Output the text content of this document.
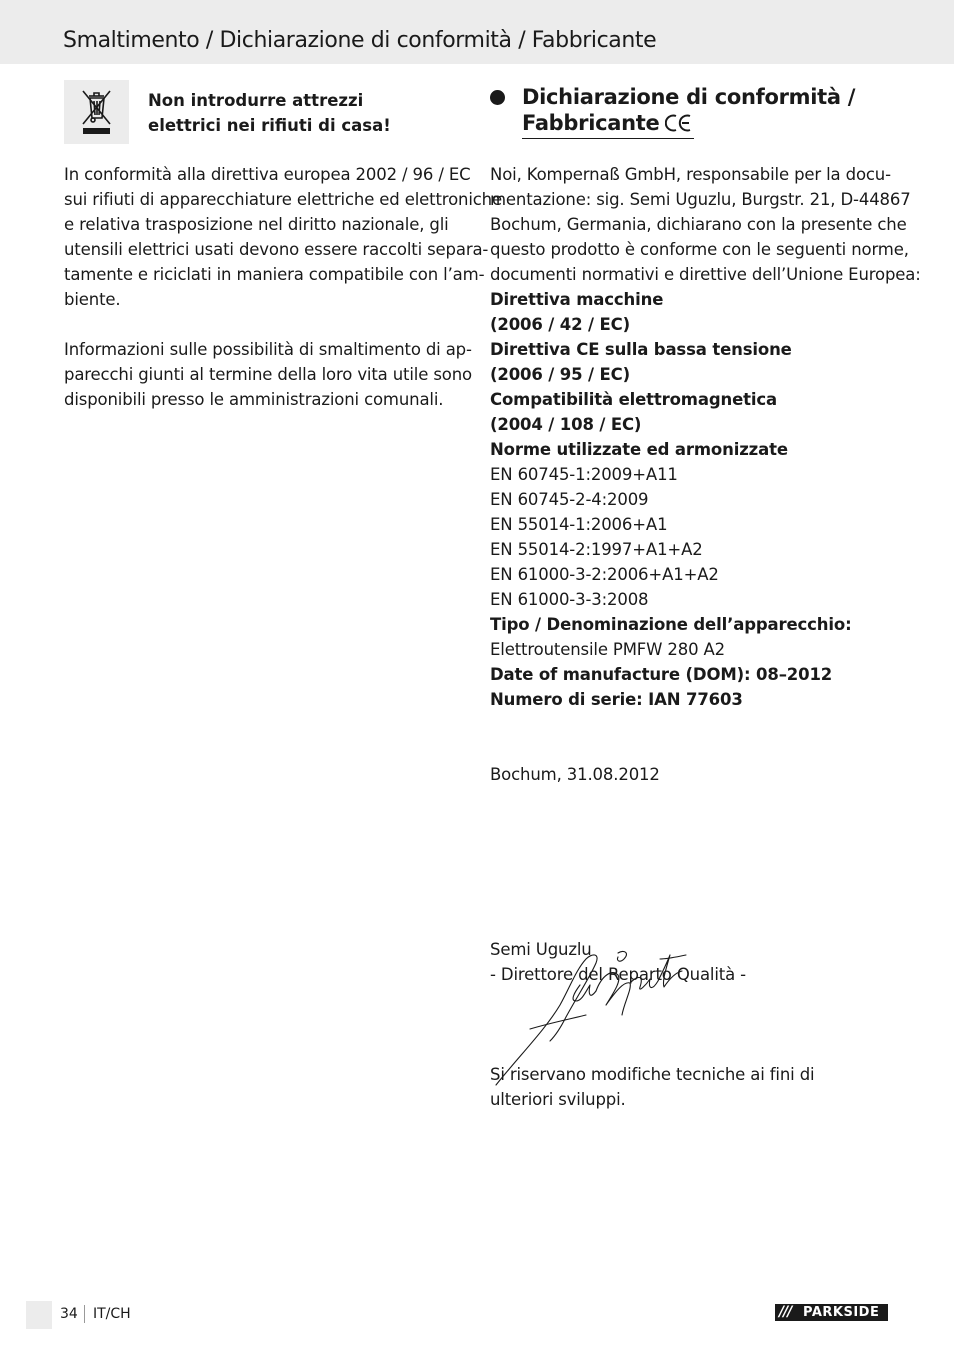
Smaltimento / Dichiarazione di conformità / Fabbricante

Non introdurre attrezzi
elettrici nei rifiuti di casa!

In conformità alla direttiva europea 2002 / 96 / EC
sui rifiuti di apparecchiature elettriche ed elettroniche
e relativa trasposizione nel diritto nazionale, gli
utensili elettrici usati devono essere raccolti separa-
tamente e riciclati in maniera compatibile con l’am-
biente.

Informazioni sulle possibilità di smaltimento di ap-
parecchi giunti al termine della loro vita utile sono
disponibili presso le amministrazioni comunali.

Dichiarazione di conformità /
Fabbricante

Noi, Kompernaß GmbH, responsabile per la docu-
mentazione: sig. Semi Uguzlu, Burgstr. 21, D-44867
Bochum, Germania, dichiarano con la presente che
questo prodotto è conforme con le seguenti norme,
documenti normativi e direttive dell’Unione Europea:

Direttiva macchine
(2006 / 42 / EC)

Direttiva CE sulla bassa tensione
(2006 / 95 / EC)

Compatibilità elettromagnetica
(2004 / 108 / EC)

Norme utilizzate ed armonizzate
EN 60745-1:2009+A11
EN 60745-2-4:2009
EN 55014-1:2006+A1
EN 55014-2:1997+A1+A2
EN 61000-3-2:2006+A1+A2
EN 61000-3-3:2008

Tipo / Denominazione dell’apparecchio:
Elettroutensile PMFW 280 A2

Date of manufacture (DOM): 08–2012
Numero di serie: IAN 77603

Bochum, 31.08.2012

Semi Uguzlu
- Direttore del Reparto Qualità -

Si riservano modifiche tecniche ai fini di
ulteriori sviluppi.

34 IT/CH	/// PARKSIDE
